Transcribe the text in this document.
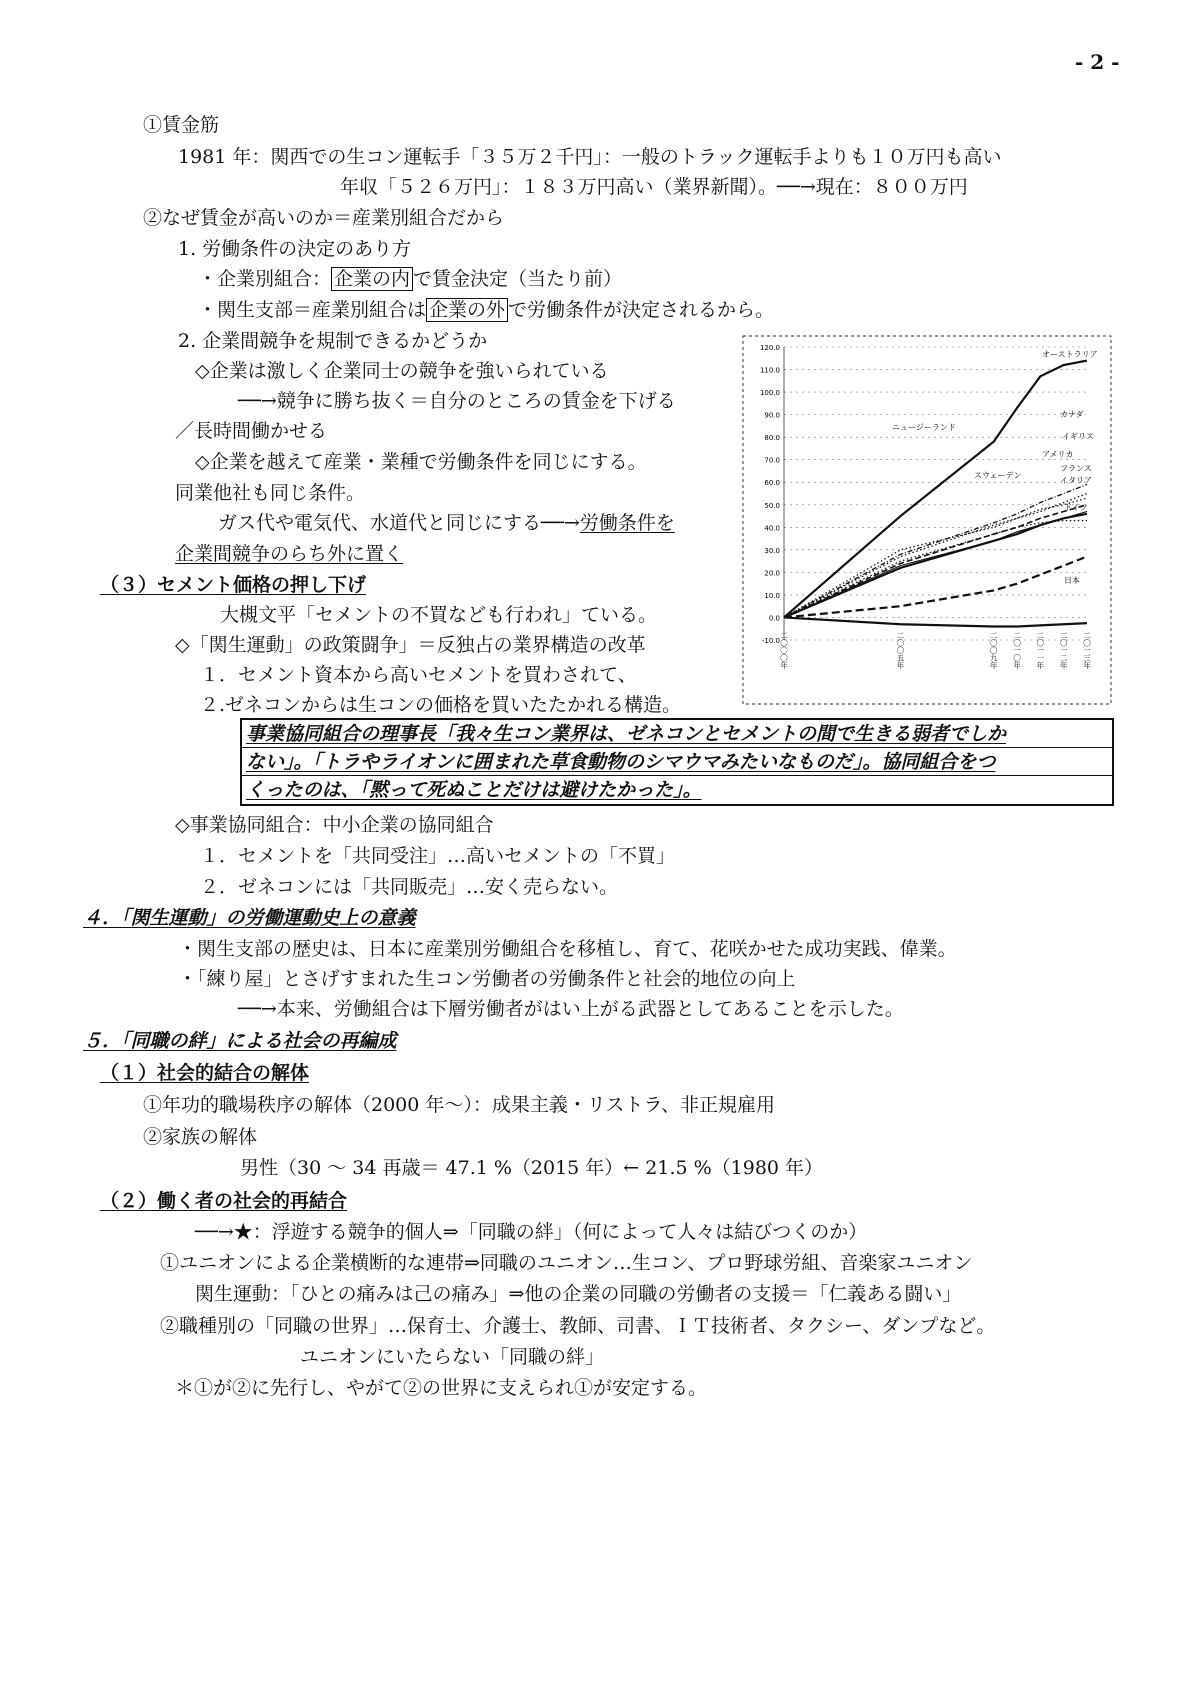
- 2 -
①賃金筋
1981 年：関西での生コン運転手「３５万２千円」：一般のトラック運転手よりも１０万円も高い
年収「５２６万円」：１８３万円高い（業界新聞）。──→現在：８００万円
②なぜ賃金が高いのか＝産業別組合だから
1. 労働条件の決定のあり方
・企業別組合： 企業の内 で賃金決定（当たり前）
・関生支部＝産業別組合は 企業の外 で労働条件が決定されるから。
2. 企業間競争を規制できるかどうか
◇企業は激しく企業同士の競争を強いられている
──→競争に勝ち抜く＝自分のところの賃金を下げる
／長時間働かせる
◇企業を越えて産業・業種で労働条件を同じにする。
同業他社も同じ条件。
ガス代や電気代、水道代と同じにする──→労働条件を
企業間競争のらち外に置く
（３）セメント価格の押し下げ
大槻文平「セメントの不買なども行われ」ている。
◇「関生運動」の政策闘争」＝反独占の業界構造の改革
１．セメント資本から高いセメントを買わされて、
２.ゼネコンからは生コンの価格を買いたたかれる構造。
事業協同組合の理事長「我々生コン業界は、ゼネコンとセメントの間で生きる弱者でしか
ない」。「トラやライオンに囲まれた草食動物のシマウマみたいなものだ」。協同組合をつ
くったのは、「黙って死ぬことだけは避けたかった」。
◇事業協同組合：中小企業の協同組合
１．セメントを「共同受注」…高いセメントの「不買」
２．ゼネコンには「共同販売」…安く売らない。
４．「関生運動」の労働運動史上の意義
・関生支部の歴史は、日本に産業別労働組合を移植し、育て、花咲かせた成功実践、偉業。
・「練り屋」とさげすまれた生コン労働者の労働条件と社会的地位の向上
──→本来、労働組合は下層労働者がはい上がる武器としてあることを示した。
５．「同職の絆」による社会の再編成
（１）社会的結合の解体
①年功的職場秩序の解体（2000 年～）：成果主義・リストラ、非正規雇用
②家族の解体
男性（30 ～ 34 再歳＝ 47.1 %（2015 年）← 21.5 %（1980 年）
（２）働く者の社会的再結合
──→★：浮遊する競争的個人⇒「同職の絆」（何によって人々は結びつくのか）
①ユニオンによる企業横断的な連帯⇒同職のユニオン…生コン、プロ野球労組、音楽家ユニオン
関生運動：「ひとの痛みは己の痛み」⇒他の企業の同職の労働者の支援＝「仁義ある闘い」
②職種別の「同職の世界」…保育士、介護士、教師、司書、ＩＴ技術者、タクシー、ダンプなど。
ユニオンにいたらない「同職の絆」
＊①が②に先行し、やがて②の世界に支えられ①が安定する。
120.0
110.0
100.0
90.0
80.0
70.0
60.0
50.0
40.0
30.0
20.0
10.0
0.0
-10.0 二〇〇〇年	二〇〇五年	二〇〇九年 二〇一〇年 二〇一一年 二〇一二年 二〇一三年
オーストラリア
ニュージーランド
カナダ
イギリス
アメリカ
スウェーデン
フランス
イタリア
ドイツ
日本
